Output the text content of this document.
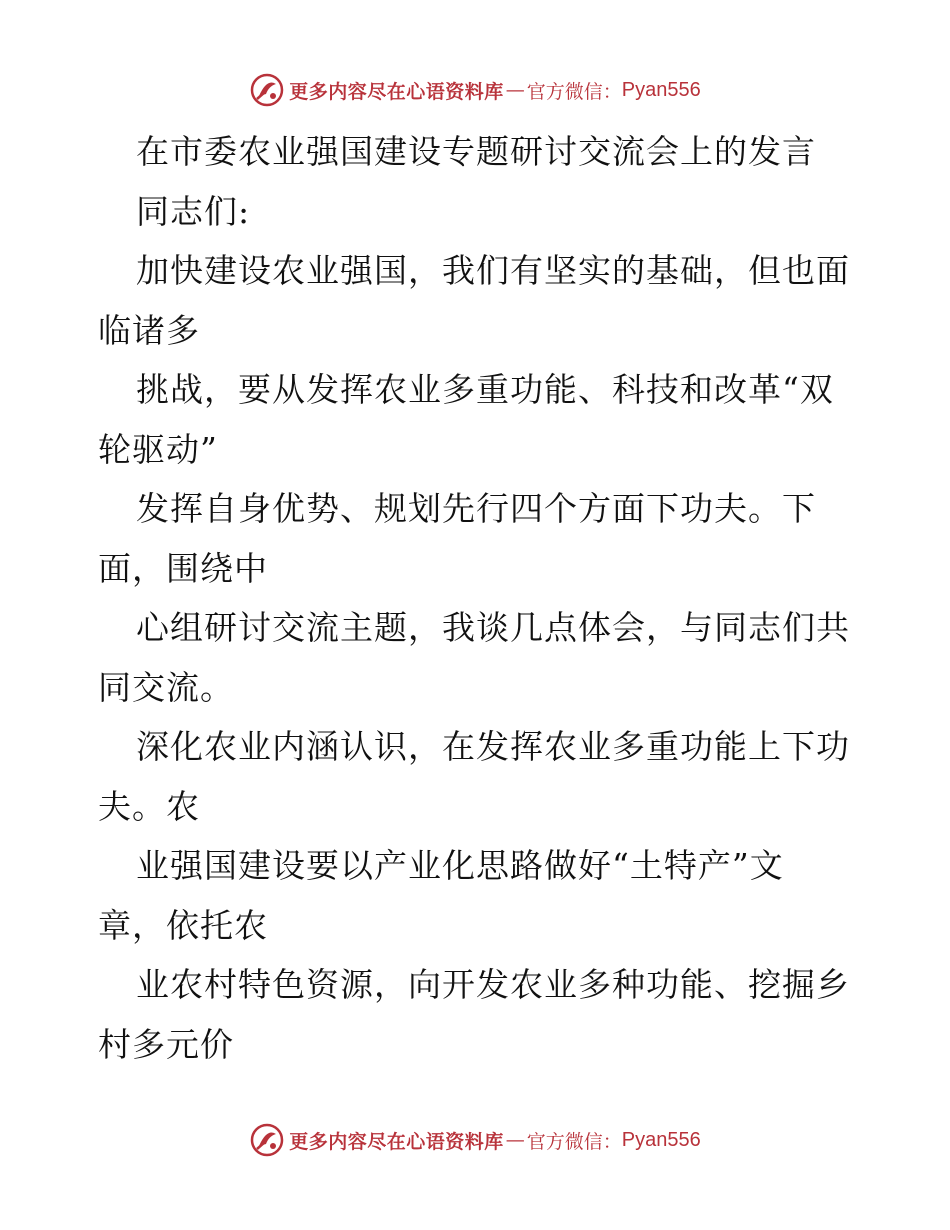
更多内容尽在心语资料库 — 官方微信： Pyan556
在市委农业强国建设专题研讨交流会上的发言
同志们:
加快建设农业强国，我们有坚实的基础，但也面
临诸多
挑战，要从发挥农业多重功能、科技和改革“双
轮驱动”
发挥自身优势、规划先行四个方面下功夫。下
面，围绕中
心组研讨交流主题，我谈几点体会，与同志们共
同交流。
深化农业内涵认识，在发挥农业多重功能上下功
夫。农
业强国建设要以产业化思路做好“土特产”文
章，依托农
业农村特色资源，向开发农业多种功能、挖掘乡
村多元价
更多内容尽在心语资料库 — 官方微信： Pyan556
